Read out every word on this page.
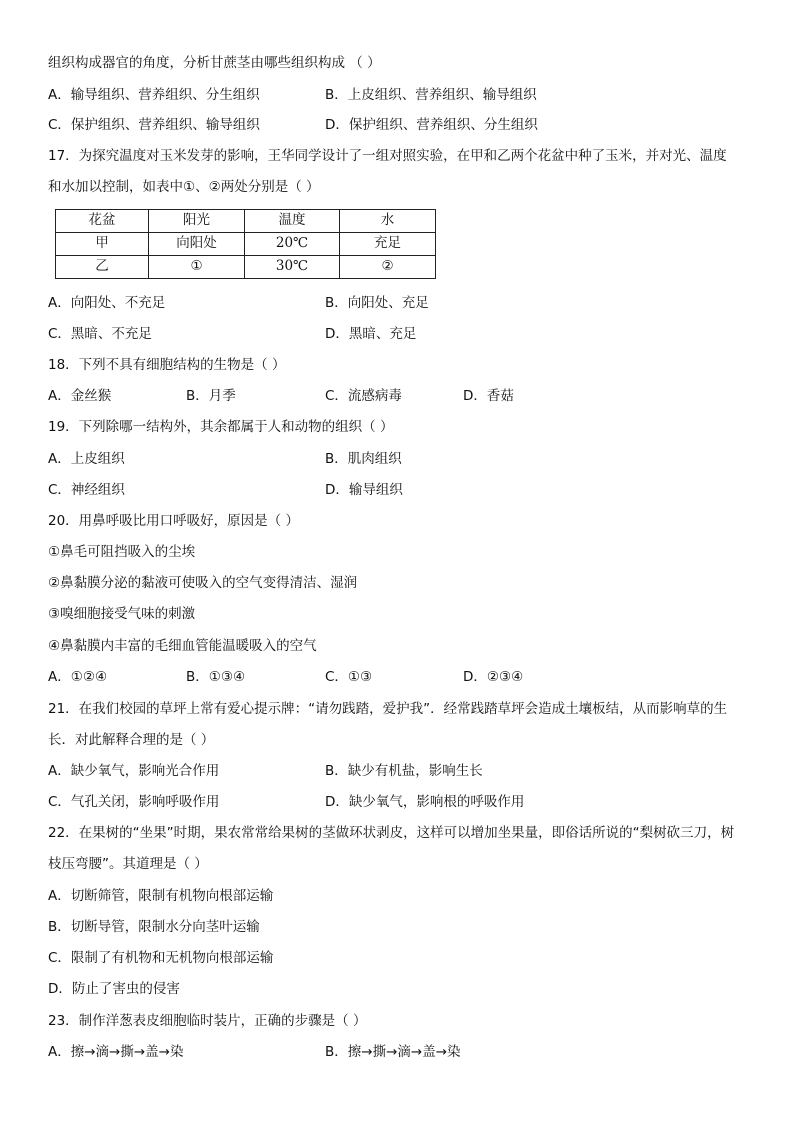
组织构成器官的角度，分析甘蔗茎由哪些组织构成 （ ）
A．输导组织、营养组织、分生组织	B．上皮组织、营养组织、输导组织
C．保护组织、营养组织、输导组织	D．保护组织、营养组织、分生组织
17．为探究温度对玉米发芽的影响，王华同学设计了一组对照实验，在甲和乙两个花盆中种了玉米，并对光、温度
和水加以控制，如表中①、②两处分别是（ ）
花盆	阳光	温度	水
甲	向阳处	20℃	充足
乙	①	30℃	②
A．向阳处、不充足	B．向阳处、充足
C．黑暗、不充足	D．黑暗、充足
18．下列不具有细胞结构的生物是（ ）
A．金丝猴	B．月季	C．流感病毒	D．香菇
19．下列除哪一结构外，其余都属于人和动物的组织（ ）
A．上皮组织	B．肌肉组织
C．神经组织	D．输导组织
20．用鼻呼吸比用口呼吸好，原因是（ ）
①鼻毛可阻挡吸入的尘埃
②鼻黏膜分泌的黏液可使吸入的空气变得清洁、湿润
③嗅细胞接受气味的刺激
④鼻黏膜内丰富的毛细血管能温暖吸入的空气
A．①②④	B．①③④	C．①③	D．②③④
21．在我们校园的草坪上常有爱心提示牌：“请勿践踏，爱护我”．经常践踏草坪会造成土壤板结，从而影响草的生
长．对此解释合理的是（ ）
A．缺少氧气，影响光合作用	B．缺少有机盐，影响生长
C．气孔关闭，影响呼吸作用	D．缺少氧气，影响根的呼吸作用
22．在果树的“坐果”时期，果农常常给果树的茎做环状剥皮，这样可以增加坐果量，即俗话所说的“梨树砍三刀，树
枝压弯腰”。其道理是（ ）
A．切断筛管，限制有机物向根部运输
B．切断导管，限制水分向茎叶运输
C．限制了有机物和无机物向根部运输
D．防止了害虫的侵害
23．制作洋葱表皮细胞临时装片，正确的步骤是（ ）
A．擦→滴→撕→盖→染	B．擦→撕→滴→盖→染
